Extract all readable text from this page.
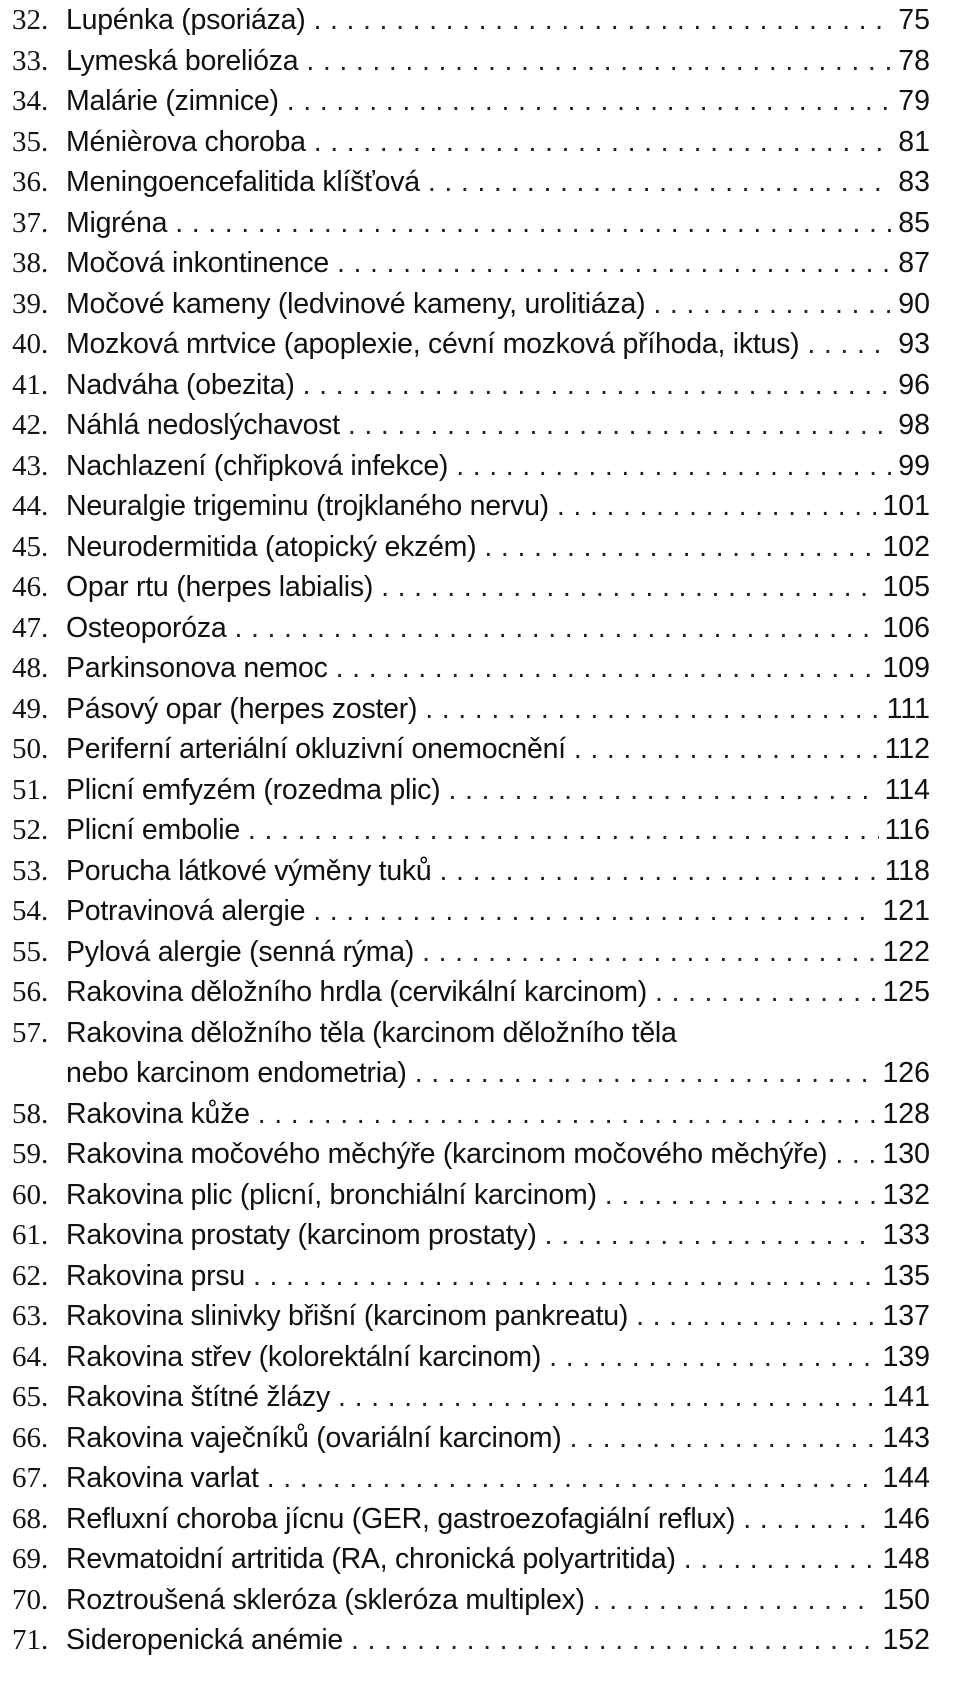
32. Lupénka (psoriáza) .....	75
33. Lymeská borelióza .....	78
34. Malárie (zimnice) .....	79
35. Ménièrova choroba .....	81
36. Meningoencefalitida klíšťová .....	83
37. Migréna .....	85
38. Močová inkontinence .....	87
39. Močové kameny (ledvinové kameny, urolitiáza) .....	90
40. Mozková mrtvice (apoplexie, cévní mozková příhoda, iktus) .....	93
41. Nadváha (obezita) .....	96
42. Náhlá nedoslýchavost .....	98
43. Nachlazení (chřipková infekce) .....	99
44. Neuralgie trigeminu (trojklaného nervu) .....	101
45. Neurodermitida (atopický ekzém) .....	102
46. Opar rtu (herpes labialis) .....	105
47. Osteoporóza .....	106
48. Parkinsonova nemoc .....	109
49. Pásový opar (herpes zoster) .....	111
50. Periferní arteriální okluzivní onemocnění .....	112
51. Plicní emfyzém (rozedma plic) .....	114
52. Plicní embolie .....	116
53. Porucha látkové výměny tuků .....	118
54. Potravinová alergie .....	121
55. Pylová alergie (senná rýma) .....	122
56. Rakovina děložního hrdla (cervikální karcinom) .....	125
57. Rakovina děložního těla (karcinom děložního těla
nebo karcinom endometria) .....	126
58. Rakovina kůže .....	128
59. Rakovina močového měchýře (karcinom močového měchýře) ..... 130
60. Rakovina plic (plicní, bronchiální karcinom) .....	132
61. Rakovina prostaty (karcinom prostaty) .....	133
62. Rakovina prsu .....	135
63. Rakovina slinivky břišní (karcinom pankreatu) .....	137
64. Rakovina střev (kolorektální karcinom) .....	139
65. Rakovina štítné žlázy .....	141
66. Rakovina vaječníků (ovariální karcinom) .....	143
67. Rakovina varlat .....	144
68. Refluxní choroba jícnu (GER, gastroezofagiální reflux) .....	146
69. Revmatoidní artritida (RA, chronická polyartritida) .....	148
70. Roztroušená skleróza (skleróza multiplex) .....	150
71. Sideropenická anémie .....	152
